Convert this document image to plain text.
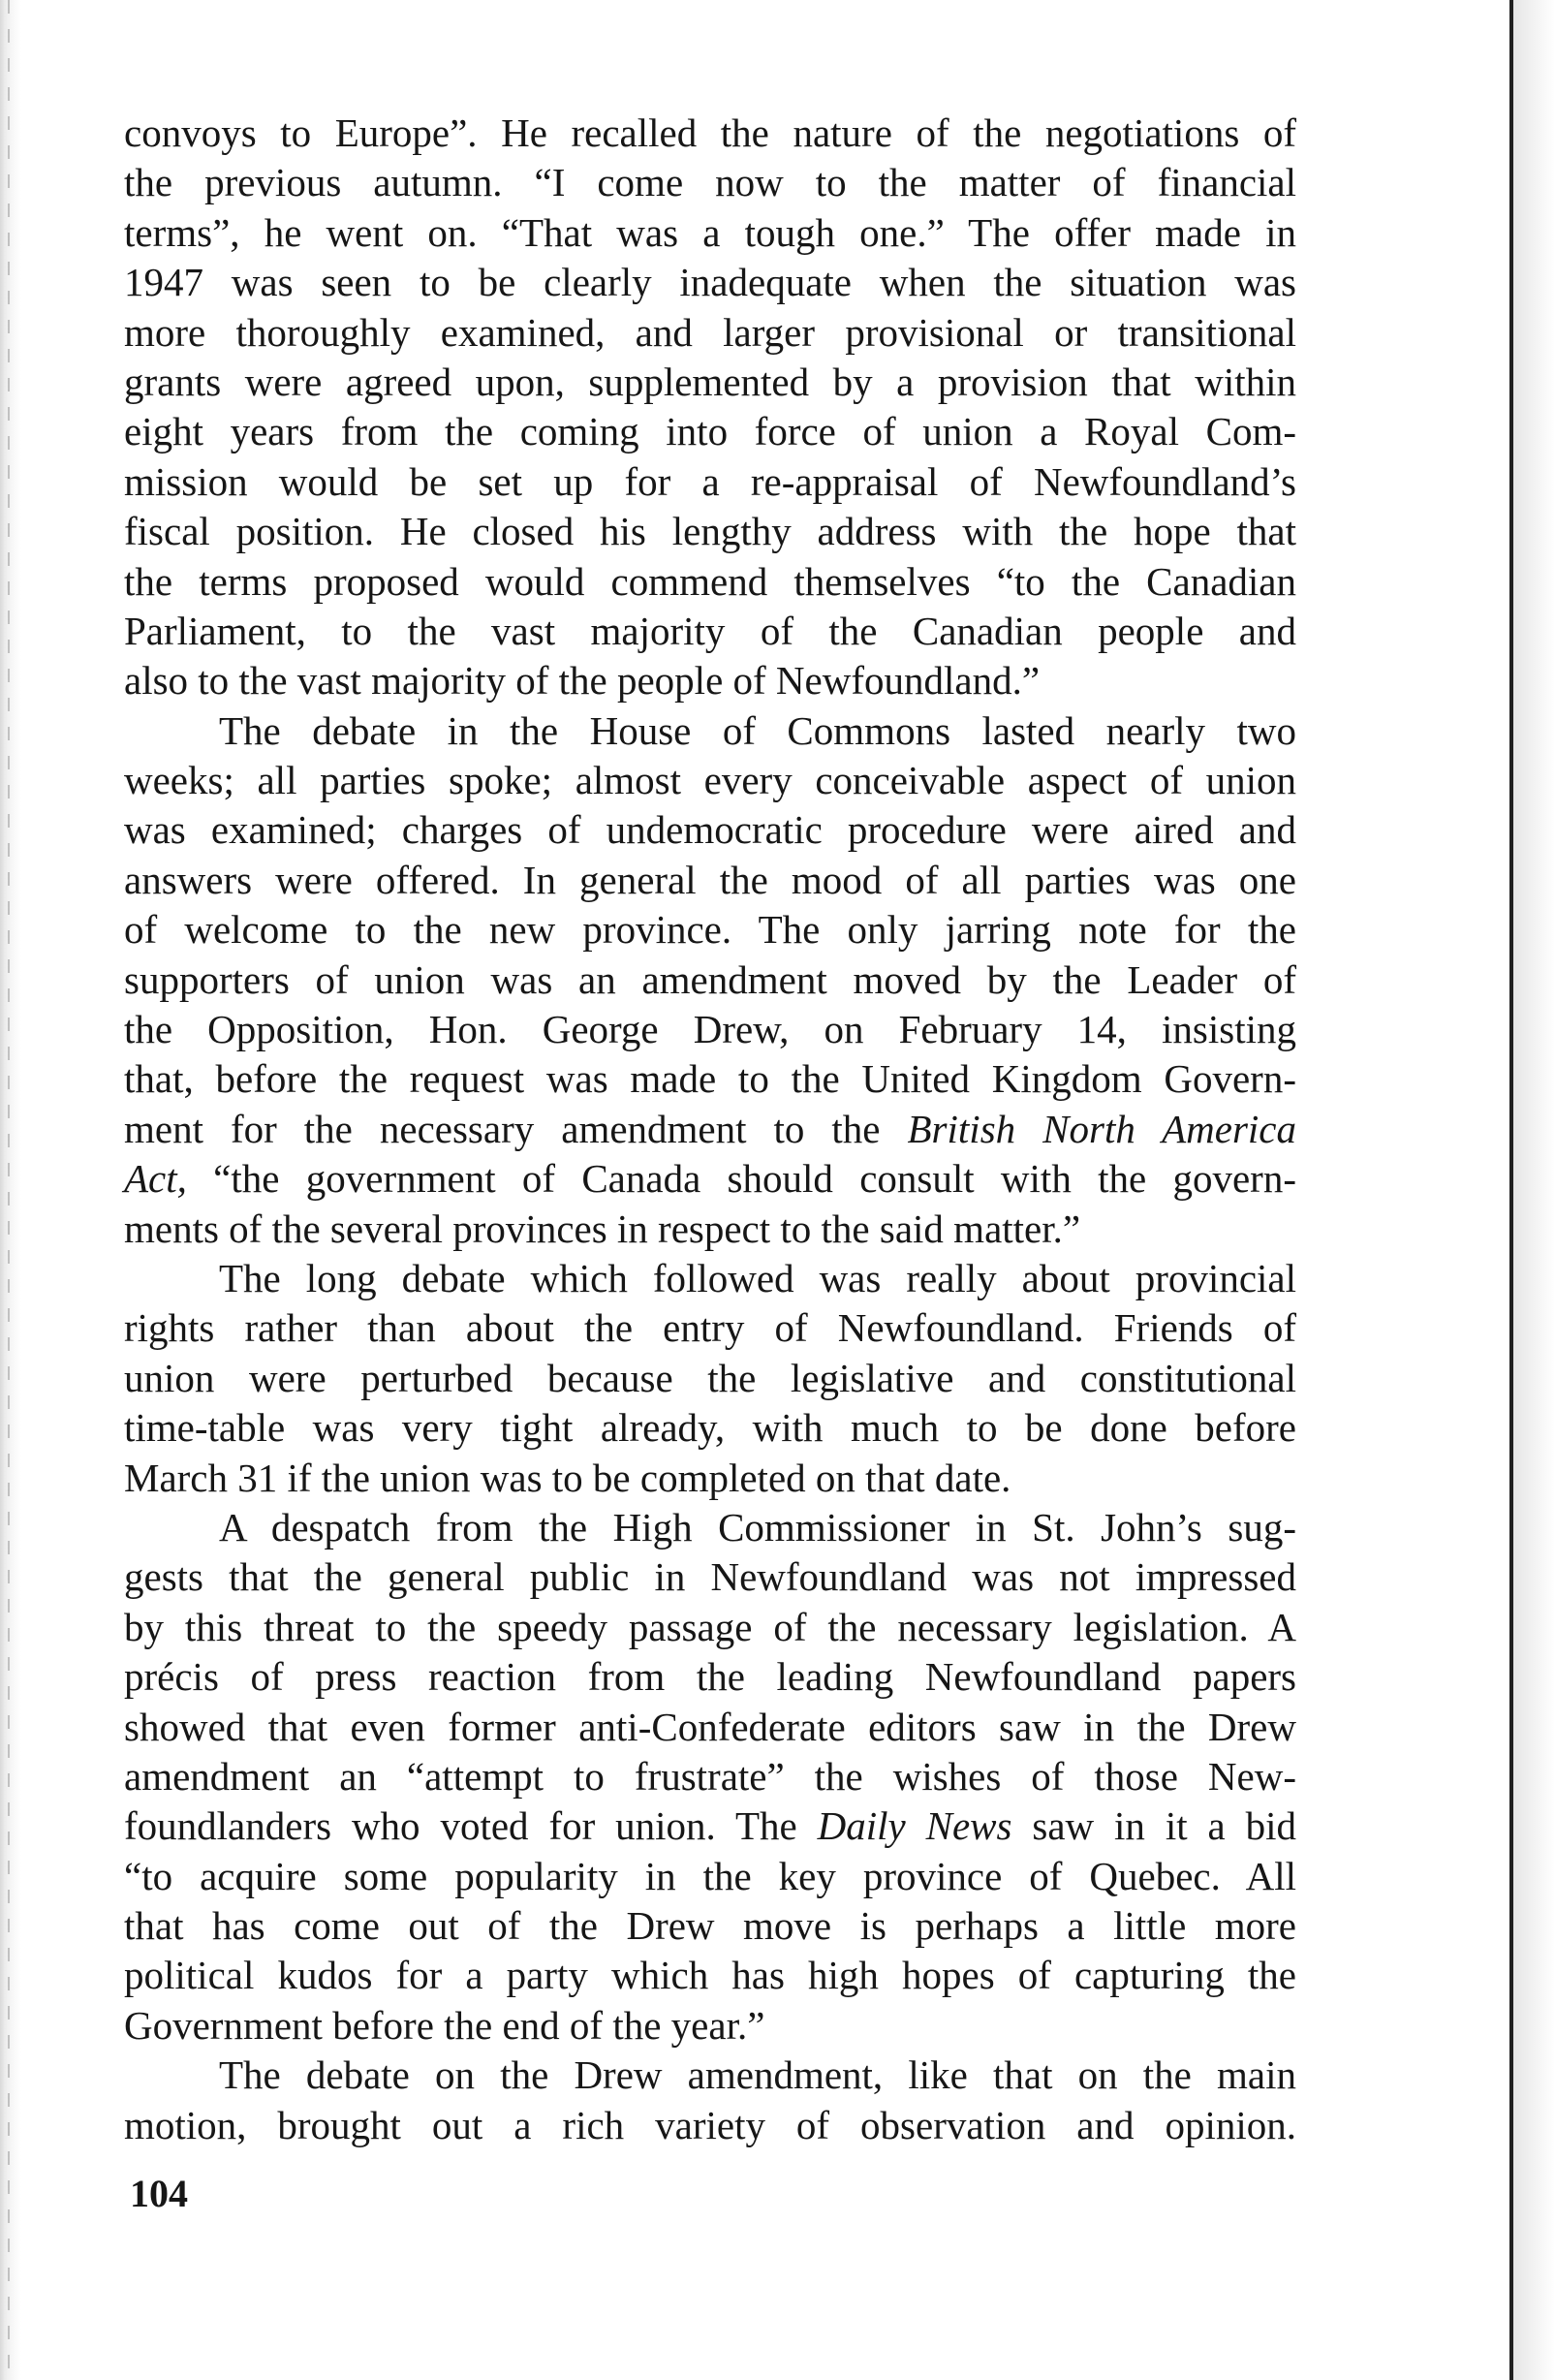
convoys to Europe”. He recalled the nature of the negotiations of
the previous autumn. “I come now to the matter of financial
terms”, he went on. “That was a tough one.” The offer made in
1947 was seen to be clearly inadequate when the situation was
more thoroughly examined, and larger provisional or transitional
grants were agreed upon, supplemented by a provision that within
eight years from the coming into force of union a Royal Com-
mission would be set up for a re-appraisal of Newfoundland’s
fiscal position. He closed his lengthy address with the hope that
the terms proposed would commend themselves “to the Canadian
Parliament, to the vast majority of the Canadian people and
also to the vast majority of the people of Newfoundland.”
The debate in the House of Commons lasted nearly two
weeks; all parties spoke; almost every conceivable aspect of union
was examined; charges of undemocratic procedure were aired and
answers were offered. In general the mood of all parties was one
of welcome to the new province. The only jarring note for the
supporters of union was an amendment moved by the Leader of
the Opposition, Hon. George Drew, on February 14, insisting
that, before the request was made to the United Kingdom Govern-
ment for the necessary amendment to the British North America
Act, “the government of Canada should consult with the govern-
ments of the several provinces in respect to the said matter.”
The long debate which followed was really about provincial
rights rather than about the entry of Newfoundland. Friends of
union were perturbed because the legislative and constitutional
time-table was very tight already, with much to be done before
March 31 if the union was to be completed on that date.
A despatch from the High Commissioner in St. John’s sug-
gests that the general public in Newfoundland was not impressed
by this threat to the speedy passage of the necessary legislation. A
précis of press reaction from the leading Newfoundland papers
showed that even former anti-Confederate editors saw in the Drew
amendment an “attempt to frustrate” the wishes of those New-
foundlanders who voted for union. The Daily News saw in it a bid
“to acquire some popularity in the key province of Quebec. All
that has come out of the Drew move is perhaps a little more
political kudos for a party which has high hopes of capturing the
Government before the end of the year.”
The debate on the Drew amendment, like that on the main
motion, brought out a rich variety of observation and opinion.
104
